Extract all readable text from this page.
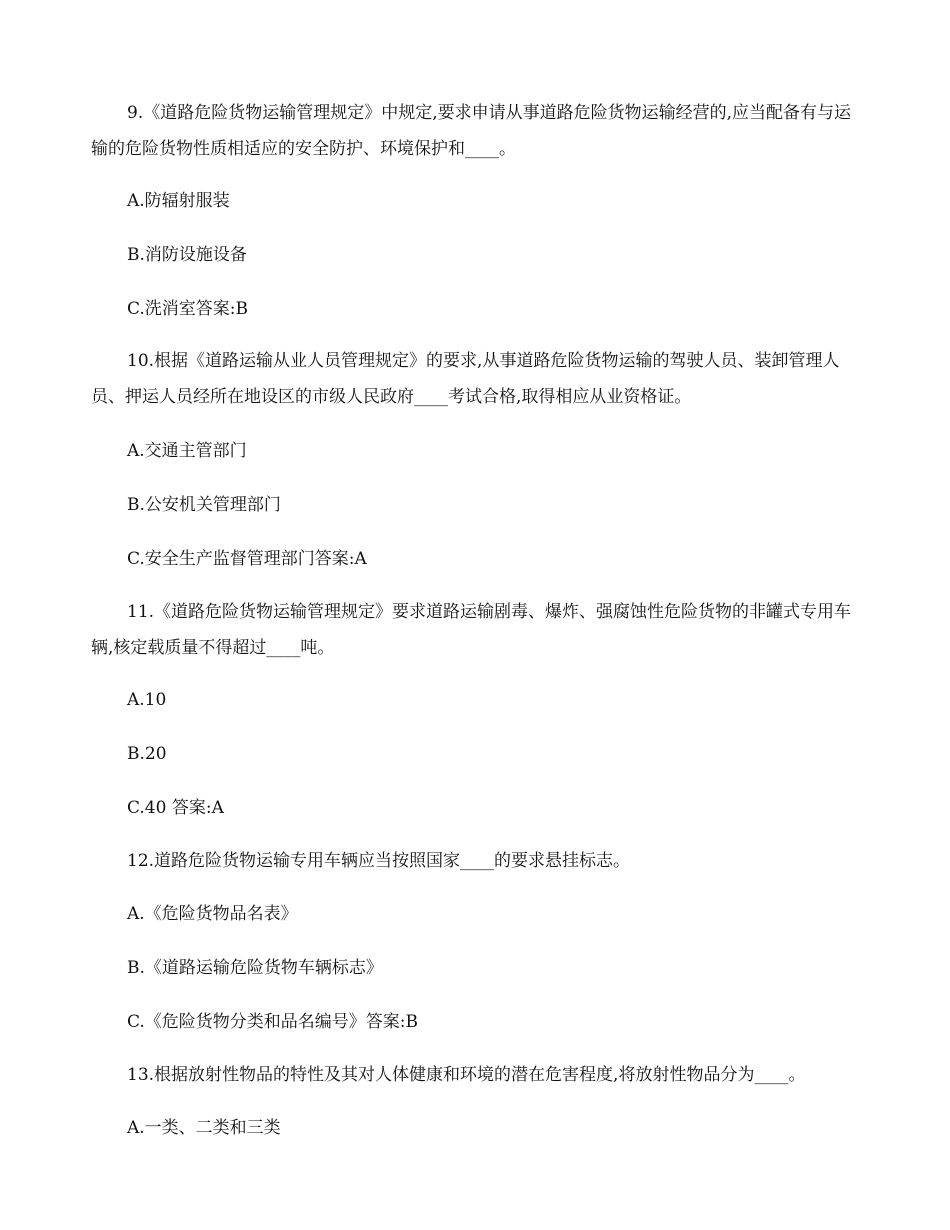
9.《道路危险货物运输管理规定》中规定,要求申请从事道路危险货物运输经营的,应当配备有与运输的危险货物性质相适应的安全防护、环境保护和____。

A.防辐射服装

B.消防设施设备

C.洗消室答案:B

10.根据《道路运输从业人员管理规定》的要求,从事道路危险货物运输的驾驶人员、装卸管理人员、押运人员经所在地设区的市级人民政府____考试合格,取得相应从业资格证。

A.交通主管部门

B.公安机关管理部门

C.安全生产监督管理部门答案:A

11.《道路危险货物运输管理规定》要求道路运输剧毒、爆炸、强腐蚀性危险货物的非罐式专用车辆,核定载质量不得超过____吨。

A.10

B.20

C.40 答案:A

12.道路危险货物运输专用车辆应当按照国家____的要求悬挂标志。

A.《危险货物品名表》

B.《道路运输危险货物车辆标志》

C.《危险货物分类和品名编号》答案:B

13.根据放射性物品的特性及其对人体健康和环境的潜在危害程度,将放射性物品分为____。

A.一类、二类和三类
